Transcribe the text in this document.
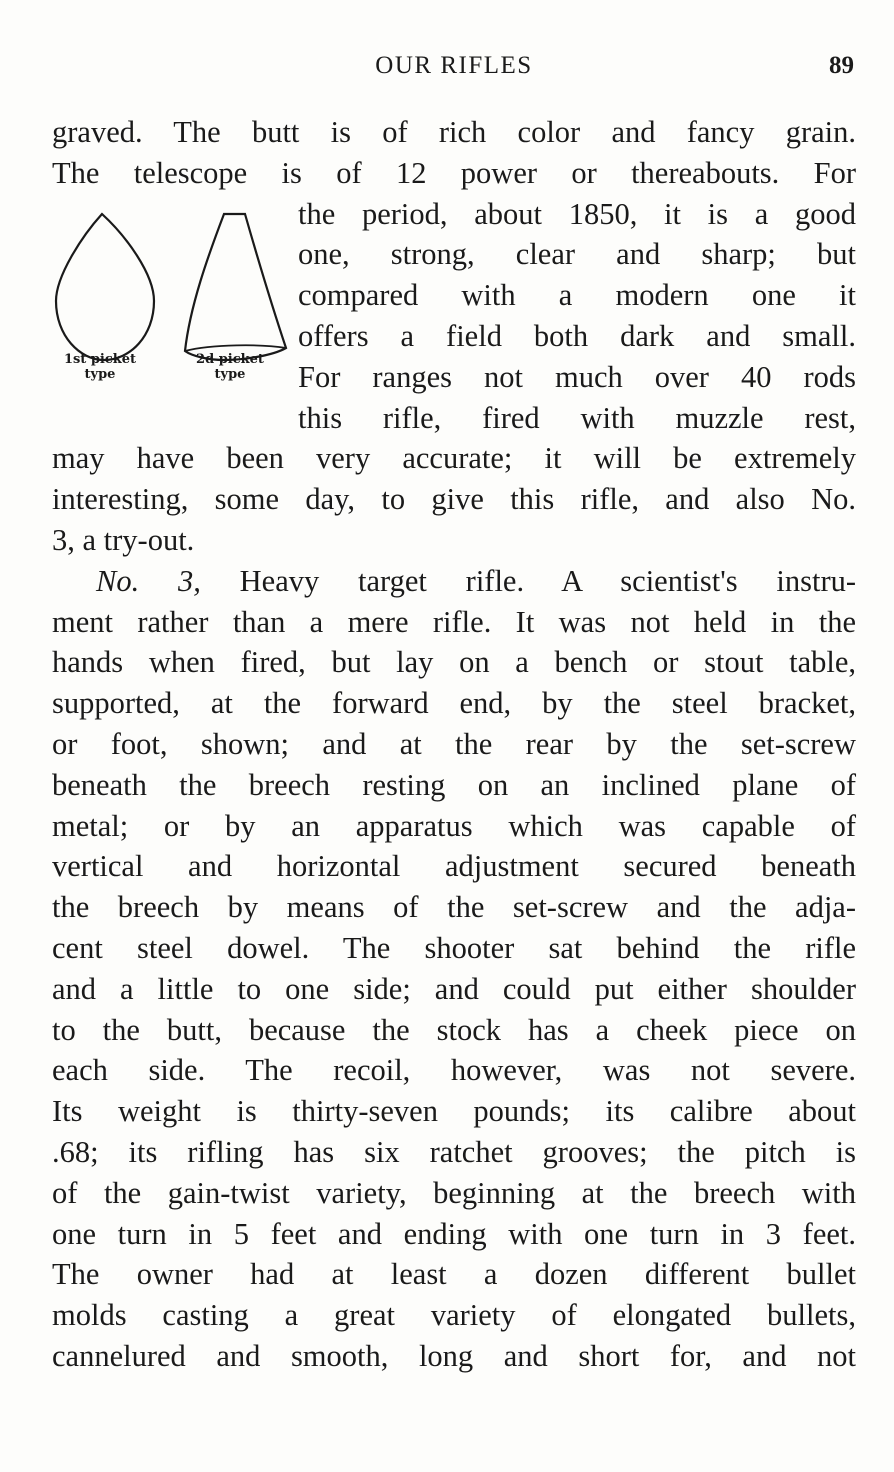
OUR RIFLES	89
graved. The butt is of rich color and fancy grain.
The telescope is of 12 power or thereabouts. For
1st picket
type
2d picket
type
the period, about 1850, it is a good
one, strong, clear and sharp; but
compared with a modern one it
offers a field both dark and small.
For ranges not much over 40 rods
this rifle, fired with muzzle rest,
may have been very accurate; it will be extremely
interesting, some day, to give this rifle, and also No.
3, a try-out.
No. 3, Heavy target rifle. A scientist's instru-
ment rather than a mere rifle. It was not held in the
hands when fired, but lay on a bench or stout table,
supported, at the forward end, by the steel bracket,
or foot, shown; and at the rear by the set-screw
beneath the breech resting on an inclined plane of
metal; or by an apparatus which was capable of
vertical and horizontal adjustment secured beneath
the breech by means of the set-screw and the adja-
cent steel dowel. The shooter sat behind the rifle
and a little to one side; and could put either shoulder
to the butt, because the stock has a cheek piece on
each side. The recoil, however, was not severe.
Its weight is thirty-seven pounds; its calibre about
.68; its rifling has six ratchet grooves; the pitch is
of the gain-twist variety, beginning at the breech with
one turn in 5 feet and ending with one turn in 3 feet.
The owner had at least a dozen different bullet
molds casting a great variety of elongated bullets,
cannelured and smooth, long and short for, and not
